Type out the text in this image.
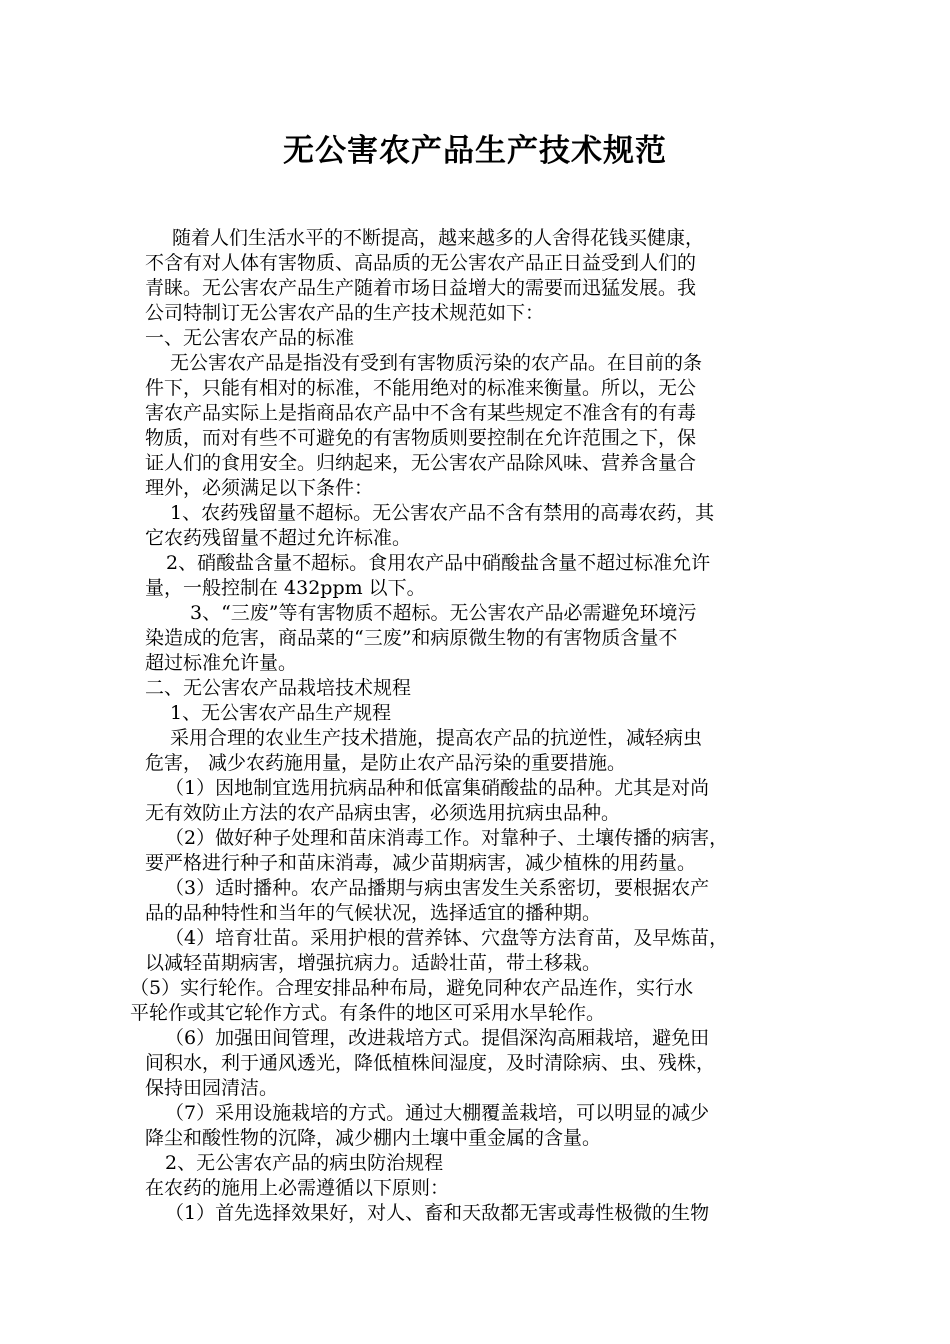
无公害农产品生产技术规范
随着人们生活水平的不断提高，越来越多的人舍得花钱买健康，
不含有对人体有害物质、高品质的无公害农产品正日益受到人们的
青睐。无公害农产品生产随着市场日益增大的需要而迅猛发展。我
公司特制订无公害农产品的生产技术规范如下：
一、无公害农产品的标准
无公害农产品是指没有受到有害物质污染的农产品。在目前的条
件下，只能有相对的标准，不能用绝对的标准来衡量。所以，无公
害农产品实际上是指商品农产品中不含有某些规定不准含有的有毒
物质，而对有些不可避免的有害物质则要控制在允许范围之下，保
证人们的食用安全。归纳起来，无公害农产品除风味、营养含量合
理外，必须满足以下条件：
1、农药残留量不超标。无公害农产品不含有禁用的高毒农药，其
它农药残留量不超过允许标准。
2、硝酸盐含量不超标。食用农产品中硝酸盐含量不超过标准允许
量，一般控制在 432ppm 以下。
3、“三废”等有害物质不超标。无公害农产品必需避免环境污
染造成的危害，商品菜的“三废”和病原微生物的有害物质含量不
超过标准允许量。
二、无公害农产品栽培技术规程
1、无公害农产品生产规程
采用合理的农业生产技术措施，提高农产品的抗逆性，减轻病虫
危害， 减少农药施用量，是防止农产品污染的重要措施。
（1）因地制宜选用抗病品种和低富集硝酸盐的品种。尤其是对尚
无有效防止方法的农产品病虫害，必须选用抗病虫品种。
（2）做好种子处理和苗床消毒工作。对靠种子、土壤传播的病害，
要严格进行种子和苗床消毒，减少苗期病害，减少植株的用药量。
（3）适时播种。农产品播期与病虫害发生关系密切，要根据农产
品的品种特性和当年的气候状况，选择适宜的播种期。
（4）培育壮苗。采用护根的营养钵、穴盘等方法育苗，及早炼苗，
以减轻苗期病害，增强抗病力。适龄壮苗，带土移栽。
（5）实行轮作。合理安排品种布局，避免同种农产品连作，实行水
平轮作或其它轮作方式。有条件的地区可采用水旱轮作。
（6）加强田间管理，改进栽培方式。提倡深沟高厢栽培，避免田
间积水，利于通风透光，降低植株间湿度，及时清除病、虫、残株，
保持田园清洁。
（7）采用设施栽培的方式。通过大棚覆盖栽培，可以明显的减少
降尘和酸性物的沉降，减少棚内土壤中重金属的含量。
2、无公害农产品的病虫防治规程
在农药的施用上必需遵循以下原则：
（1）首先选择效果好，对人、畜和天敌都无害或毒性极微的生物
